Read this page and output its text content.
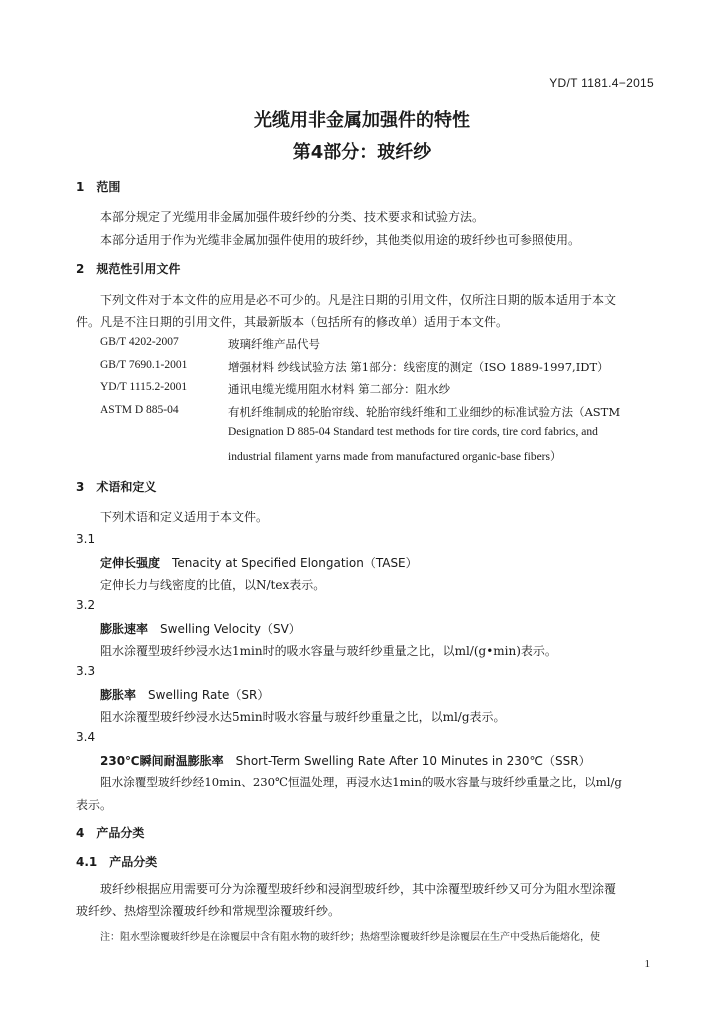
YD/T 1181.4−2015
光缆用非金属加强件的特性
第4部分：玻纤纱
1　范围
本部分规定了光缆用非金属加强件玻纤纱的分类、技术要求和试验方法。
本部分适用于作为光缆非金属加强件使用的玻纤纱，其他类似用途的玻纤纱也可参照使用。
2　规范性引用文件
下列文件对于本文件的应用是必不可少的。凡是注日期的引用文件，仅所注日期的版本适用于本文
件。凡是不注日期的引用文件，其最新版本（包括所有的修改单）适用于本文件。
GB/T 4202-2007	玻璃纤维产品代号
GB/T 7690.1-2001	增强材料 纱线试验方法 第1部分：线密度的测定（ISO 1889-1997,IDT）
YD/T 1115.2-2001	通讯电缆光缆用阻水材料 第二部分：阻水纱
ASTM D 885-04	有机纤维制成的轮胎帘线、轮胎帘线纤维和工业细纱的标准试验方法（ASTM
Designation D 885-04 Standard test methods for tire cords, tire cord fabrics, and
industrial filament yarns made from manufactured organic-base fibers）
3　术语和定义
下列术语和定义适用于本文件。
3.1
定伸长强度　 Tenacity at Specified Elongation（TASE）
定伸长力与线密度的比值，以N/tex表示。
3.2
膨胀速率　 Swelling Velocity（SV）
阻水涂覆型玻纤纱浸水达1min时的吸水容量与玻纤纱重量之比，以ml/(g•min)表示。
3.3
膨胀率　 Swelling Rate（SR）
阻水涂覆型玻纤纱浸水达5min时吸水容量与玻纤纱重量之比，以ml/g表示。
3.4
230℃瞬间耐温膨胀率　 Short-Term Swelling Rate After 10 Minutes in 230℃（SSR）
阻水涂覆型玻纤纱经10min、230℃恒温处理，再浸水达1min的吸水容量与玻纤纱重量之比，以ml/g
表示。
4　产品分类
4.1　产品分类
玻纤纱根据应用需要可分为涂覆型玻纤纱和浸润型玻纤纱，其中涂覆型玻纤纱又可分为阻水型涂覆
玻纤纱、热熔型涂覆玻纤纱和常规型涂覆玻纤纱。
注：阻水型涂覆玻纤纱是在涂覆层中含有阻水物的玻纤纱；热熔型涂覆玻纤纱是涂覆层在生产中受热后能熔化，使
1
